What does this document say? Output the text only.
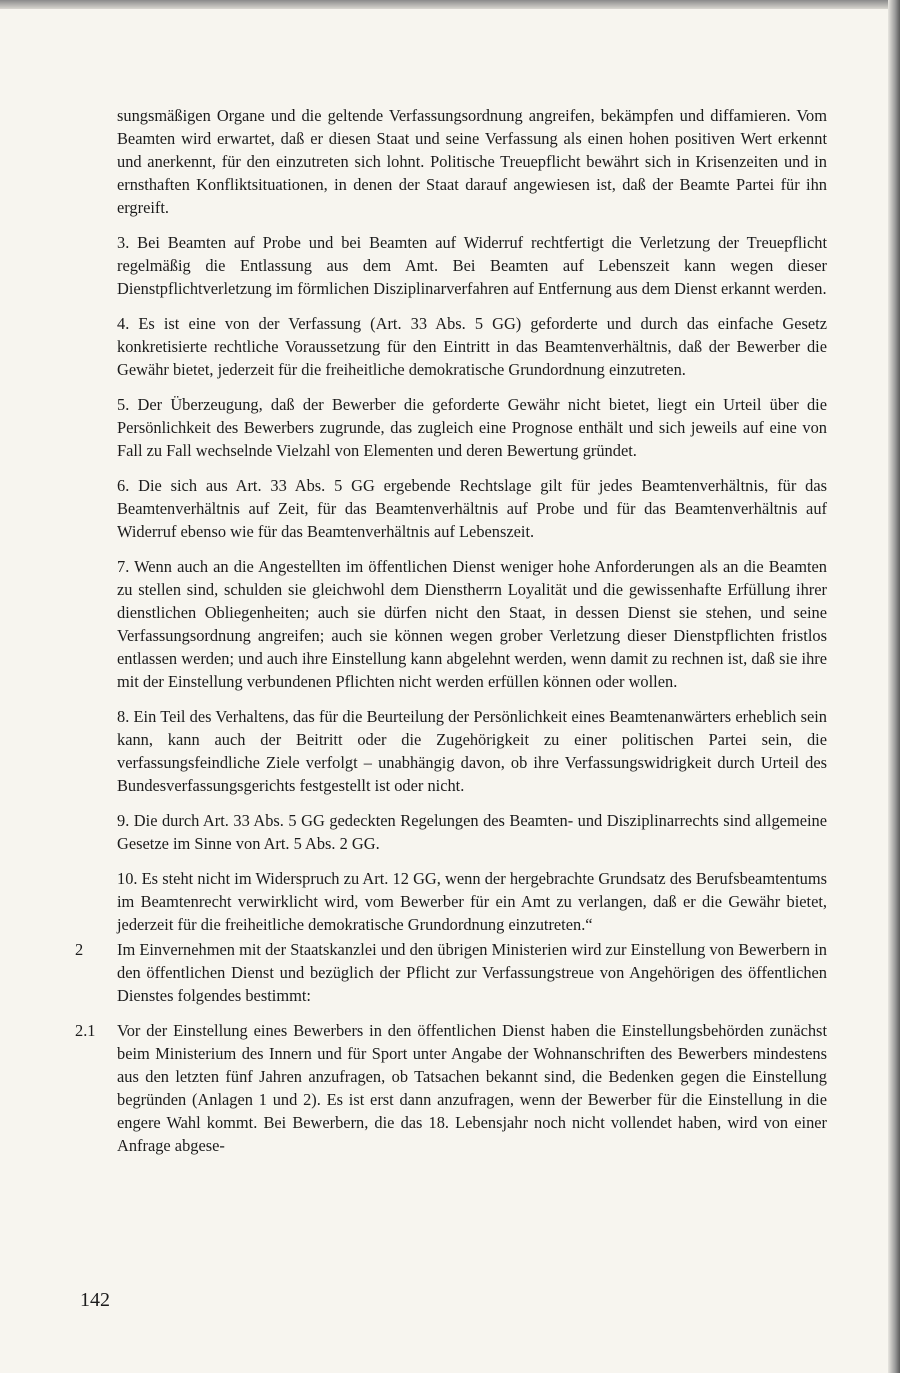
sungsmäßigen Organe und die geltende Verfassungsordnung angreifen, bekämpfen und diffamieren. Vom Beamten wird erwartet, daß er diesen Staat und seine Verfassung als einen hohen positiven Wert erkennt und anerkennt, für den einzutreten sich lohnt. Politische Treuepflicht bewährt sich in Krisenzeiten und in ernsthaften Konfliktsituationen, in denen der Staat darauf angewiesen ist, daß der Beamte Partei für ihn ergreift.

3. Bei Beamten auf Probe und bei Beamten auf Widerruf rechtfertigt die Verletzung der Treuepflicht regelmäßig die Entlassung aus dem Amt. Bei Beamten auf Lebenszeit kann wegen dieser Dienstpflichtverletzung im förmlichen Disziplinarverfahren auf Entfernung aus dem Dienst erkannt werden.

4. Es ist eine von der Verfassung (Art. 33 Abs. 5 GG) geforderte und durch das einfache Gesetz konkretisierte rechtliche Voraussetzung für den Eintritt in das Beamtenverhältnis, daß der Bewerber die Gewähr bietet, jederzeit für die freiheitliche demokratische Grundordnung einzutreten.

5. Der Überzeugung, daß der Bewerber die geforderte Gewähr nicht bietet, liegt ein Urteil über die Persönlichkeit des Bewerbers zugrunde, das zugleich eine Prognose enthält und sich jeweils auf eine von Fall zu Fall wechselnde Vielzahl von Elementen und deren Bewertung gründet.

6. Die sich aus Art. 33 Abs. 5 GG ergebende Rechtslage gilt für jedes Beamtenverhältnis, für das Beamtenverhältnis auf Zeit, für das Beamtenverhältnis auf Probe und für das Beamtenverhältnis auf Widerruf ebenso wie für das Beamtenverhältnis auf Lebenszeit.

7. Wenn auch an die Angestellten im öffentlichen Dienst weniger hohe Anforderungen als an die Beamten zu stellen sind, schulden sie gleichwohl dem Dienstherrn Loyalität und die gewissenhafte Erfüllung ihrer dienstlichen Obliegenheiten; auch sie dürfen nicht den Staat, in dessen Dienst sie stehen, und seine Verfassungsordnung angreifen; auch sie können wegen grober Verletzung dieser Dienstpflichten fristlos entlassen werden; und auch ihre Einstellung kann abgelehnt werden, wenn damit zu rechnen ist, daß sie ihre mit der Einstellung verbundenen Pflichten nicht werden erfüllen können oder wollen.

8. Ein Teil des Verhaltens, das für die Beurteilung der Persönlichkeit eines Beamtenanwärters erheblich sein kann, kann auch der Beitritt oder die Zugehörigkeit zu einer politischen Partei sein, die verfassungsfeindliche Ziele verfolgt – unabhängig davon, ob ihre Verfassungswidrigkeit durch Urteil des Bundesverfassungsgerichts festgestellt ist oder nicht.

9. Die durch Art. 33 Abs. 5 GG gedeckten Regelungen des Beamten- und Disziplinarrechts sind allgemeine Gesetze im Sinne von Art. 5 Abs. 2 GG.

10. Es steht nicht im Widerspruch zu Art. 12 GG, wenn der hergebrachte Grundsatz des Berufsbeamtentums im Beamtenrecht verwirklicht wird, vom Bewerber für ein Amt zu verlangen, daß er die Gewähr bietet, jederzeit für die freiheitliche demokratische Grundordnung einzutreten.“

2	Im Einvernehmen mit der Staatskanzlei und den übrigen Ministerien wird zur Einstellung von Bewerbern in den öffentlichen Dienst und bezüglich der Pflicht zur Verfassungstreue von Angehörigen des öffentlichen Dienstes folgendes bestimmt:

2.1	Vor der Einstellung eines Bewerbers in den öffentlichen Dienst haben die Einstellungsbehörden zunächst beim Ministerium des Innern und für Sport unter Angabe der Wohnanschriften des Bewerbers mindestens aus den letzten fünf Jahren anzufragen, ob Tatsachen bekannt sind, die Bedenken gegen die Einstellung begründen (Anlagen 1 und 2). Es ist erst dann anzufragen, wenn der Bewerber für die Einstellung in die engere Wahl kommt. Bei Bewerbern, die das 18. Lebensjahr noch nicht vollendet haben, wird von einer Anfrage abgese-

142
